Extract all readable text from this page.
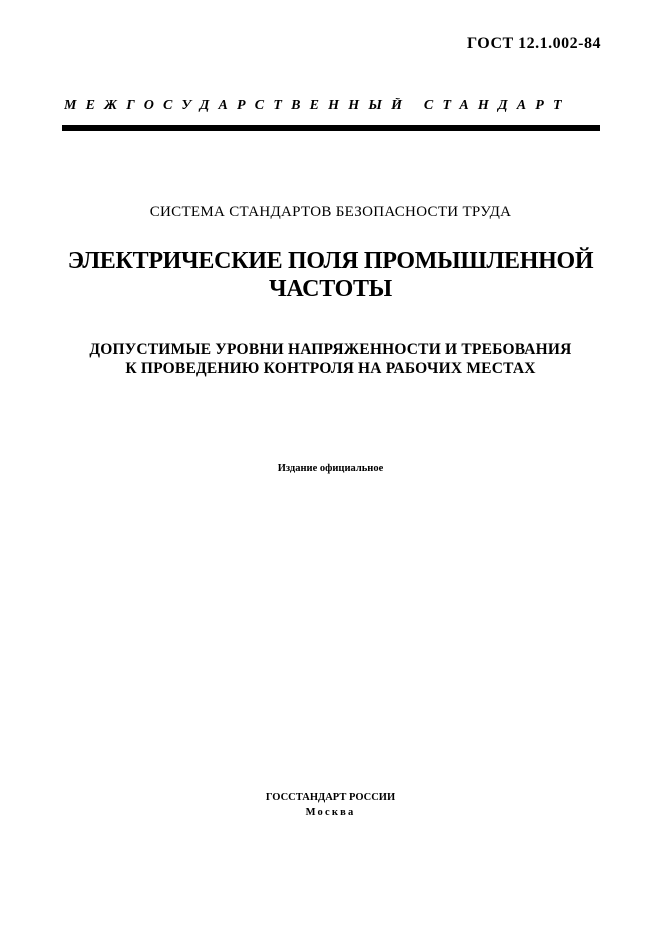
ГОСТ 12.1.002-84
МЕЖГОСУДАРСТВЕННЫЙ СТАНДАРТ
СИСТЕМА СТАНДАРТОВ БЕЗОПАСНОСТИ ТРУДА
ЭЛЕКТРИЧЕСКИЕ ПОЛЯ ПРОМЫШЛЕННОЙ
ЧАСТОТЫ
ДОПУСТИМЫЕ УРОВНИ НАПРЯЖЕННОСТИ И ТРЕБОВАНИЯ
К ПРОВЕДЕНИЮ КОНТРОЛЯ НА РАБОЧИХ МЕСТАХ
Издание официальное
ГОССТАНДАРТ РОССИИ
Москва
